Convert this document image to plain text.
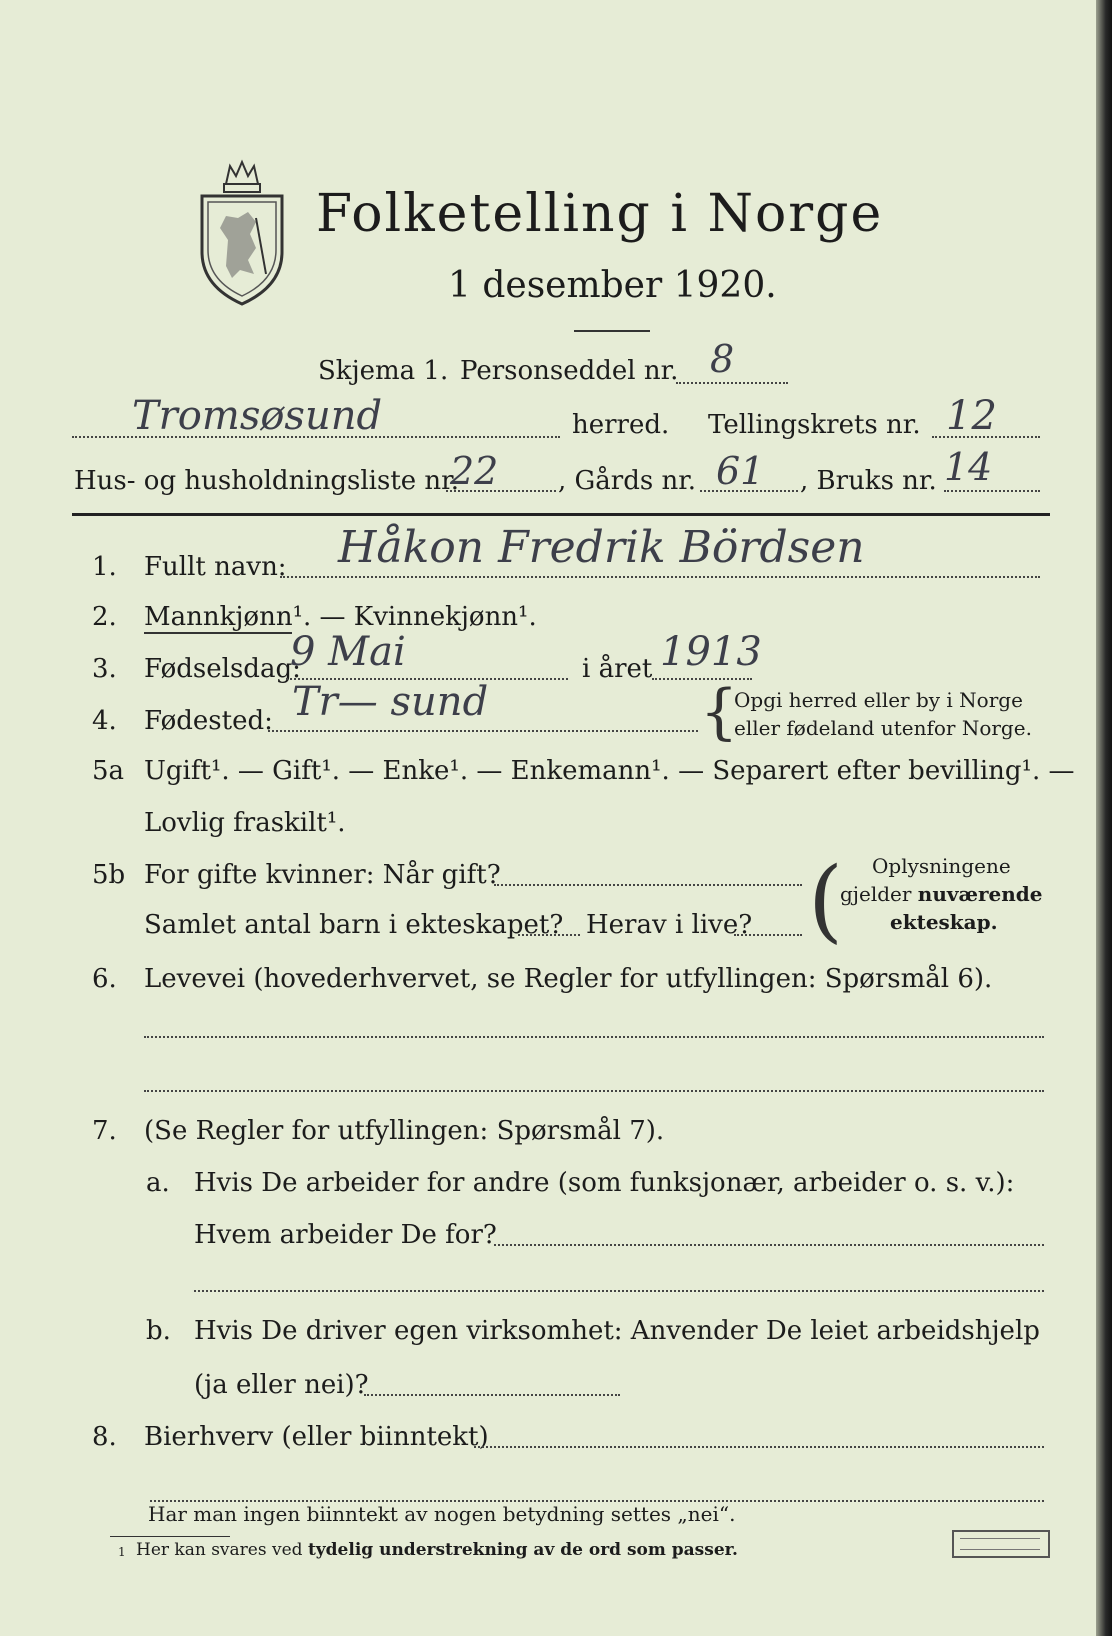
Folketelling i Norge
1 desember 1920.
Skjema 1. Personseddel nr. 8
Tromsøsund	herred. Tellingskrets nr. 12
Hus- og husholdningsliste nr.
22 , Gårds nr. 61 , Bruks nr. 14
1. Fullt navn: Håkon Fredrik Bördsen
2. Mannkjønn¹. — Kvinnekjønn¹.
3. Fødselsdag:
9 Mai	i året 1913
4. Fødested: Tr— sund	{
Opgi herred eller by i Norge
eller fødeland utenfor Norge.
5a Ugift¹. — Gift¹. — Enke¹. — Enkemann¹. — Separert efter bevilling¹. —
Lovlig fraskilt¹.
5b For gifte kvinner: Når gift?
Samlet antal barn i ekteskapet? Herav i live? ( Oplysningene
gjelder nuværende
ekteskap.
6. Levevei (hovederhvervet, se Regler for utfyllingen: Spørsmål 6).
7. (Se Regler for utfyllingen: Spørsmål 7).
a. Hvis De arbeider for andre (som funksjonær, arbeider o. s. v.):
Hvem arbeider De for?
b. Hvis De driver egen virksomhet: Anvender De leiet arbeidshjelp
(ja eller nei)?
8. Bierhverv (eller biinntekt)
Har man ingen biinntekt av nogen betydning settes „nei“.
1 Her kan svares ved tydelig understrekning av de ord som passer.
